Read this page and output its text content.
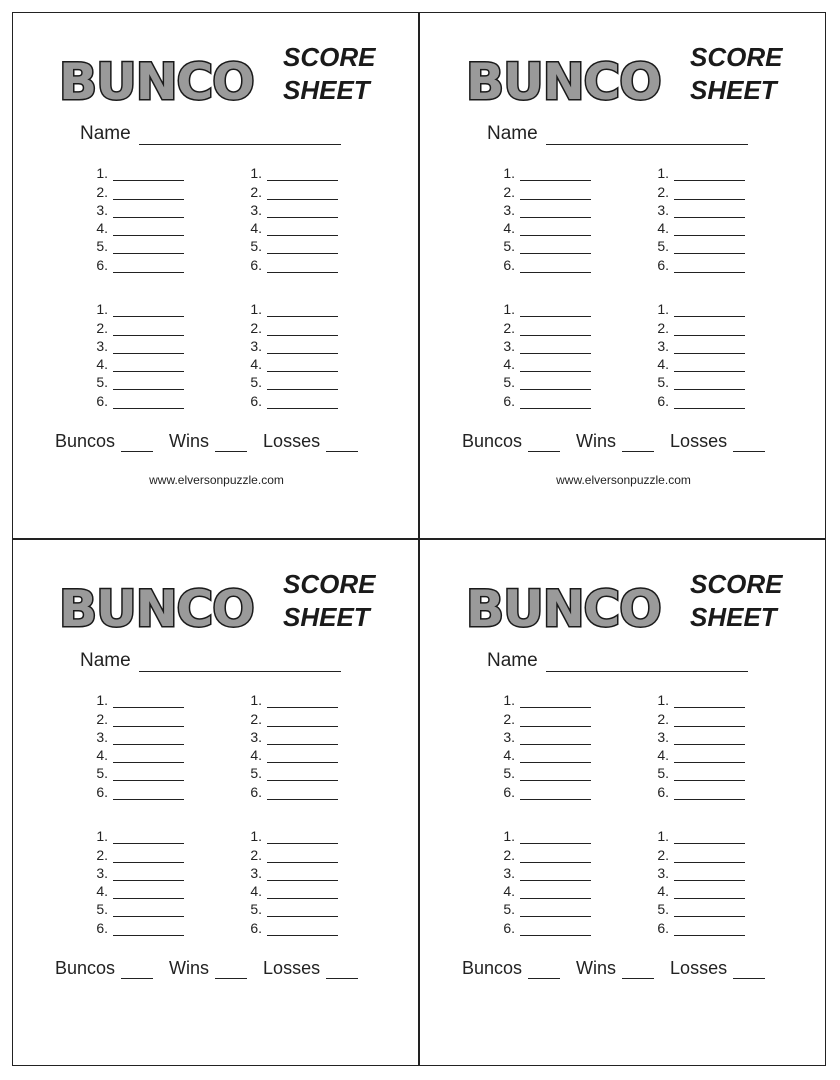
BUNCO SCORE
SHEET
Name
1.
2.
3.
4.
5.
6.
1.
2.
3.
4.
5.
6.
1.
2.
3.
4.
5.
6.
1.
2.
3.
4.
5.
6.
Buncos	Wins	Losses
www.elversonpuzzle.com
BUNCO SCORE
SHEET
Name
1.
2.
3.
4.
5.
6.
1.
2.
3.
4.
5.
6.
1.
2.
3.
4.
5.
6.
1.
2.
3.
4.
5.
6.
Buncos	Wins	Losses
www.elversonpuzzle.com
BUNCO SCORE
SHEET
Name
1.
2.
3.
4.
5.
6.
1.
2.
3.
4.
5.
6.
1.
2.
3.
4.
5.
6.
1.
2.
3.
4.
5.
6.
Buncos	Wins	Losses
BUNCO SCORE
SHEET
Name
1.
2.
3.
4.
5.
6.
1.
2.
3.
4.
5.
6.
1.
2.
3.
4.
5.
6.
1.
2.
3.
4.
5.
6.
Buncos	Wins	Losses
